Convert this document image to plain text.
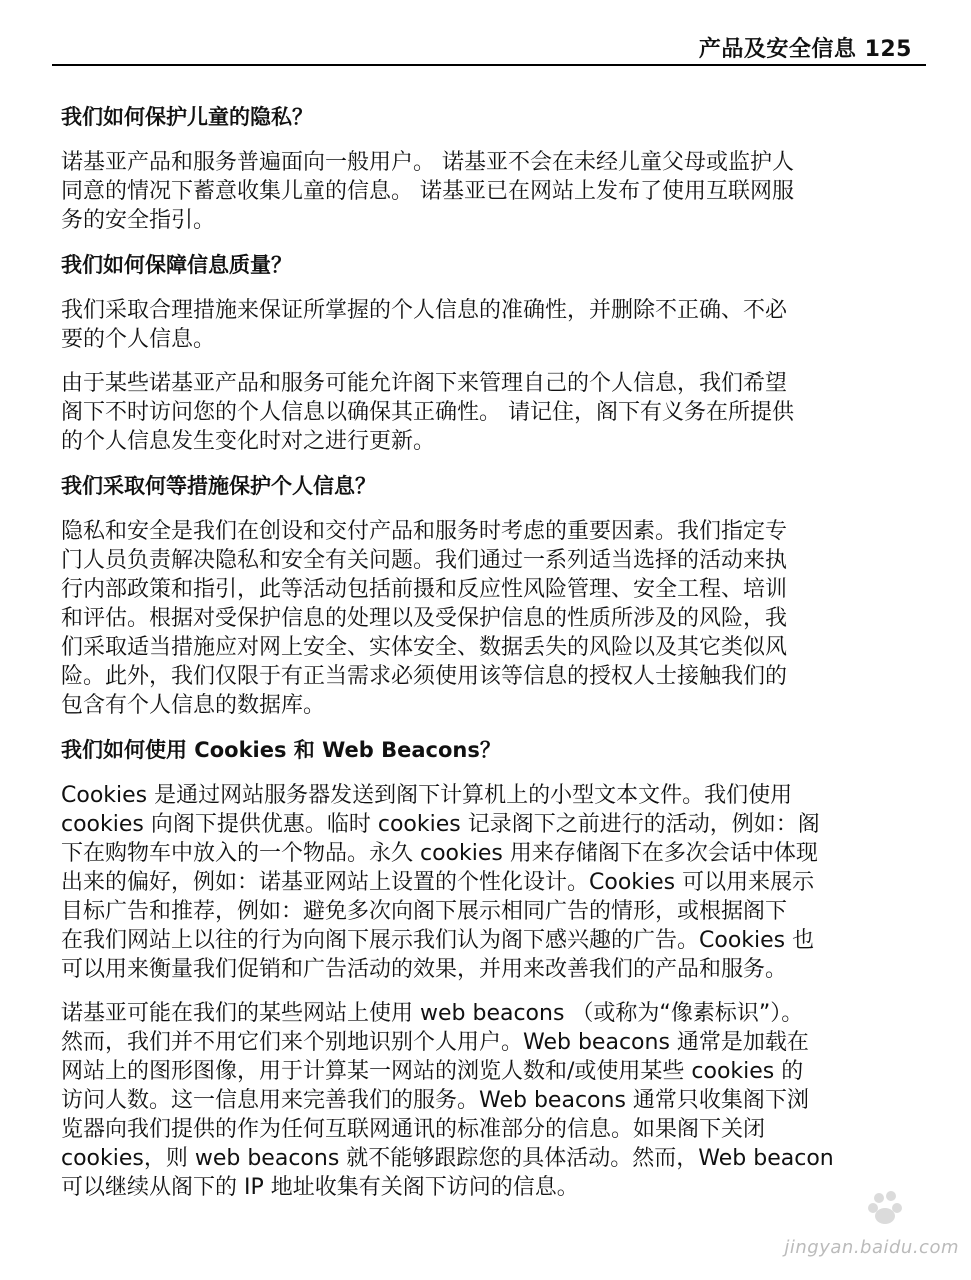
产品及安全信息 125
我们如何保护儿童的隐私？

诺基亚产品和服务普遍面向一般用户。 诺基亚不会在未经儿童父母或监护人
同意的情况下蓄意收集儿童的信息。 诺基亚已在网站上发布了使用互联网服
务的安全指引。

我们如何保障信息质量？

我们采取合理措施来保证所掌握的个人信息的准确性，并删除不正确、不必
要的个人信息。

由于某些诺基亚产品和服务可能允许阁下来管理自己的个人信息，我们希望
阁下不时访问您的个人信息以确保其正确性。 请记住，阁下有义务在所提供
的个人信息发生变化时对之进行更新。

我们采取何等措施保护个人信息？

隐私和安全是我们在创设和交付产品和服务时考虑的重要因素。我们指定专
门人员负责解决隐私和安全有关问题。我们通过一系列适当选择的活动来执
行内部政策和指引，此等活动包括前摄和反应性风险管理、安全工程、培训
和评估。根据对受保护信息的处理以及受保护信息的性质所涉及的风险，我
们采取适当措施应对网上安全、实体安全、数据丢失的风险以及其它类似风
险。此外，我们仅限于有正当需求必须使用该等信息的授权人士接触我们的
包含有个人信息的数据库。

我们如何使用 Cookies 和 Web Beacons？

Cookies 是通过网站服务器发送到阁下计算机上的小型文本文件。我们使用
cookies 向阁下提供优惠。临时 cookies 记录阁下之前进行的活动，例如：阁
下在购物车中放入的一个物品。永久 cookies 用来存储阁下在多次会话中体现
出来的偏好，例如：诺基亚网站上设置的个性化设计。Cookies 可以用来展示
目标广告和推荐，例如：避免多次向阁下展示相同广告的情形，或根据阁下
在我们网站上以往的行为向阁下展示我们认为阁下感兴趣的广告。Cookies 也
可以用来衡量我们促销和广告活动的效果，并用来改善我们的产品和服务。

诺基亚可能在我们的某些网站上使用 web beacons （或称为“像素标识”）。
然而，我们并不用它们来个别地识别个人用户。Web beacons 通常是加载在
网站上的图形图像，用于计算某一网站的浏览人数和/或使用某些 cookies 的
访问人数。这一信息用来完善我们的服务。Web beacons 通常只收集阁下浏
览器向我们提供的作为任何互联网通讯的标准部分的信息。如果阁下关闭
cookies，则 web beacons 就不能够跟踪您的具体活动。然而，Web beacon
可以继续从阁下的 IP 地址收集有关阁下访问的信息。

jingyan.baidu.com
